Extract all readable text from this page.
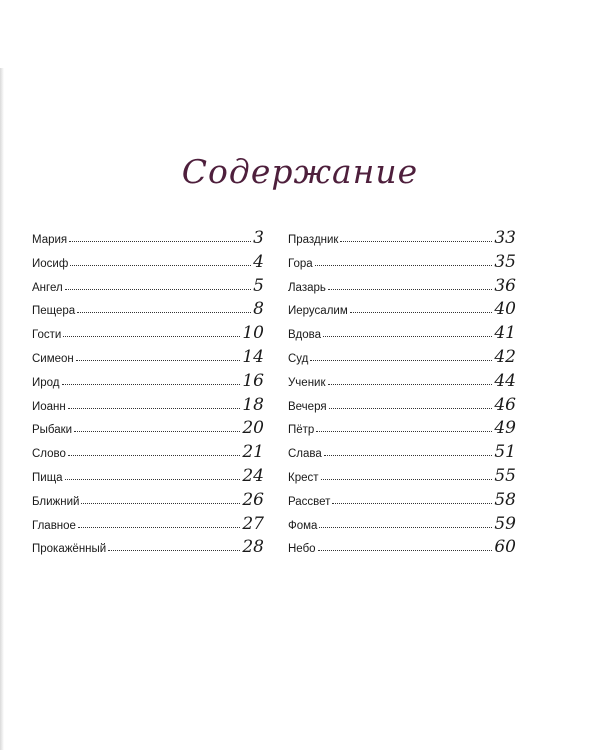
Содержание
Мария	3
Иосиф	4
Ангел	5
Пещера	8
Гости	10
Симеон	14
Ирод	16
Иоанн	18
Рыбаки	20
Слово	21
Пища	24
Ближний	26
Главное	27
Прокажённый	28
Праздник	33
Гора	35
Лазарь	36
Иерусалим	40
Вдова	41
Суд	42
Ученик	44
Вечеря	46
Пётр	49
Слава	51
Крест	55
Рассвет	58
Фома	59
Небо	60
